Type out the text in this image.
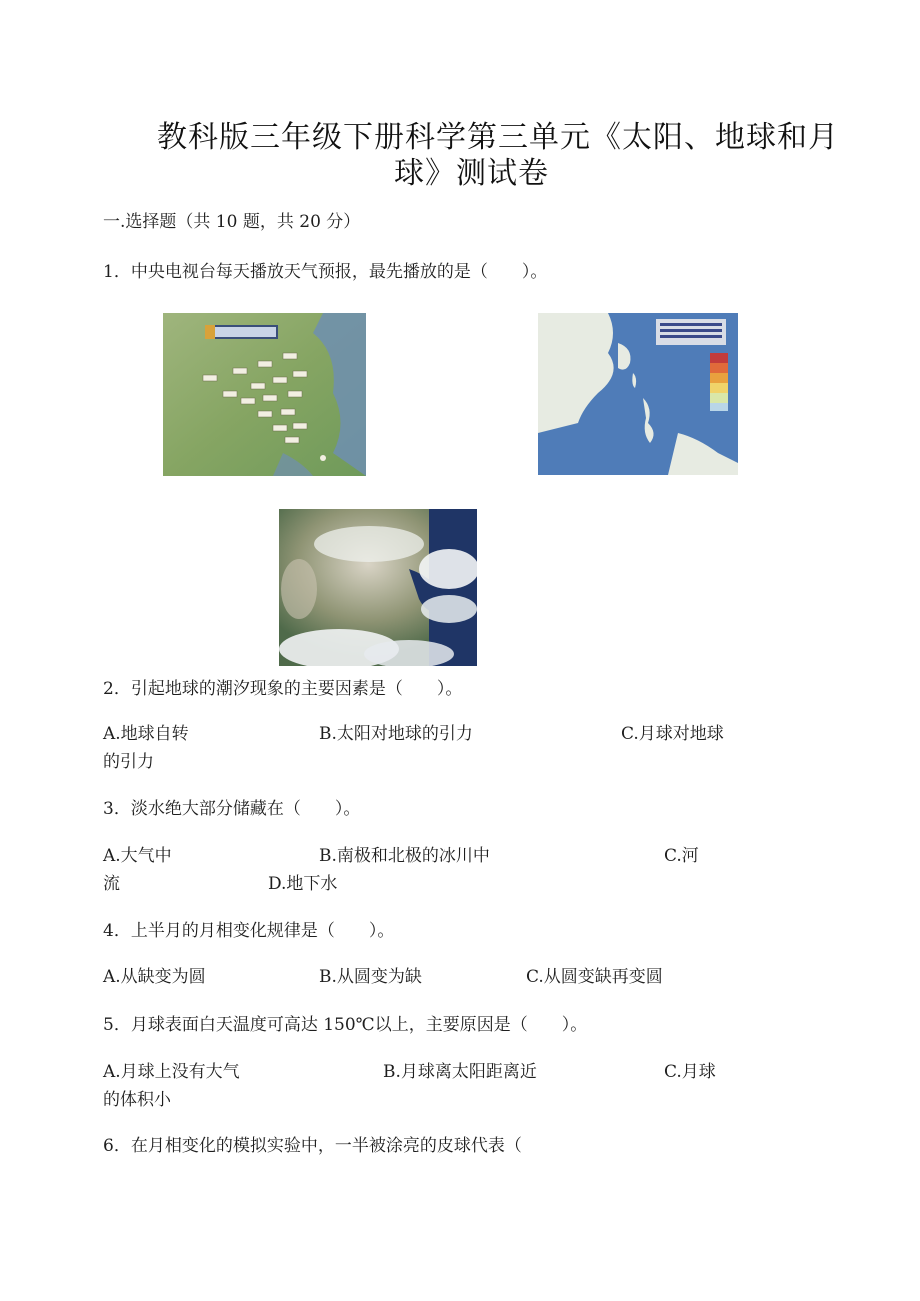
教科版三年级下册科学第三单元《太阳、地球和月
球》测试卷
一.选择题（共 10 题，共 20 分）
1．中央电视台每天播放天气预报，最先播放的是（　　）。
2．引起地球的潮汐现象的主要因素是（　　）。
A.地球自转	B.太阳对地球的引力	C.月球对地球
的引力
3．淡水绝大部分储藏在（　　）。
A.大气中	B.南极和北极的冰川中	C.河
流	D.地下水
4．上半月的月相变化规律是（　　）。
A.从缺变为圆	B.从圆变为缺	C.从圆变缺再变圆
5．月球表面白天温度可高达 150℃以上，主要原因是（　　）。
A.月球上没有大气	B.月球离太阳距离近	C.月球
的体积小
6．在月相变化的模拟实验中，一半被涂亮的皮球代表（
